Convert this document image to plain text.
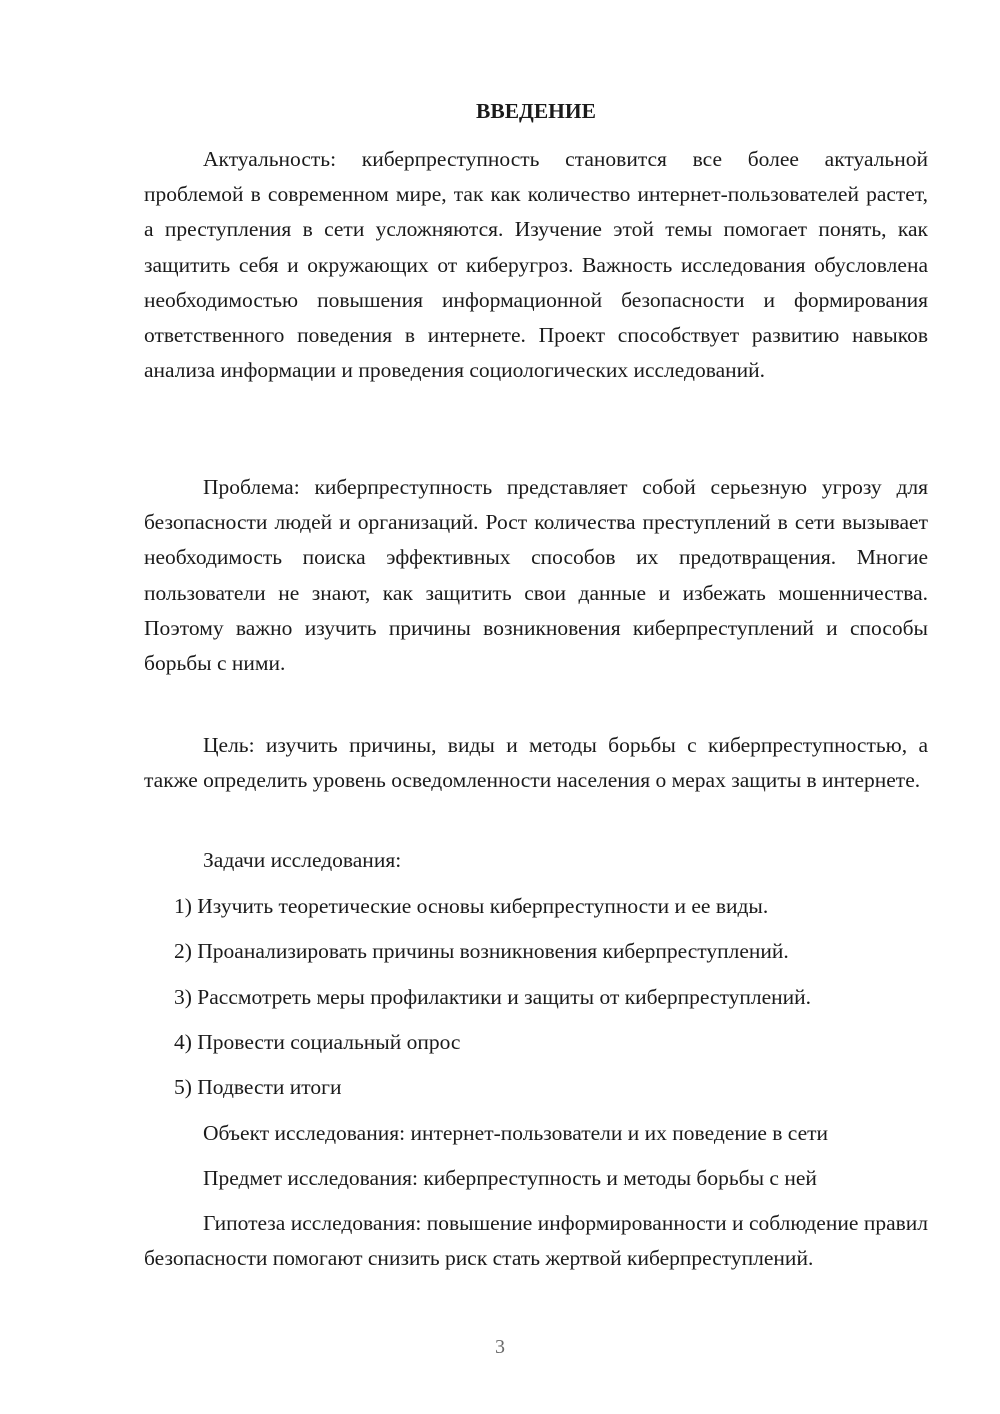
ВВЕДЕНИЕ

Актуальность: киберпреступность становится все более актуальной проблемой в современном мире, так как количество интернет-пользователей растет, а преступления в сети усложняются. Изучение этой темы помогает понять, как защитить себя и окружающих от киберугроз. Важность исследования обусловлена необходимостью повышения информационной безопасности и формирования ответственного поведения в интернете. Проект способствует развитию навыков анализа информации и проведения социологических исследований.

Проблема: киберпреступность представляет собой серьезную угрозу для безопасности людей и организаций. Рост количества преступлений в сети вызывает необходимость поиска эффективных способов их предотвращения. Многие пользователи не знают, как защитить свои данные и избежать мошенничества. Поэтому важно изучить причины возникновения киберпреступлений и способы борьбы с ними.

Цель: изучить причины, виды и методы борьбы с киберпреступностью, а также определить уровень осведомленности населения о мерах защиты в интернете.

Задачи исследования:

1) Изучить теоретические основы киберпреступности и ее виды.

2) Проанализировать причины возникновения киберпреступлений.

3) Рассмотреть меры профилактики и защиты от киберпреступлений.

4) Провести социальный опрос

5) Подвести итоги

Объект исследования: интернет-пользователи и их поведение в сети

Предмет исследования: киберпреступность и методы борьбы с ней

Гипотеза исследования: повышение информированности и соблюдение правил безопасности помогают снизить риск стать жертвой киберпреступлений.

3
